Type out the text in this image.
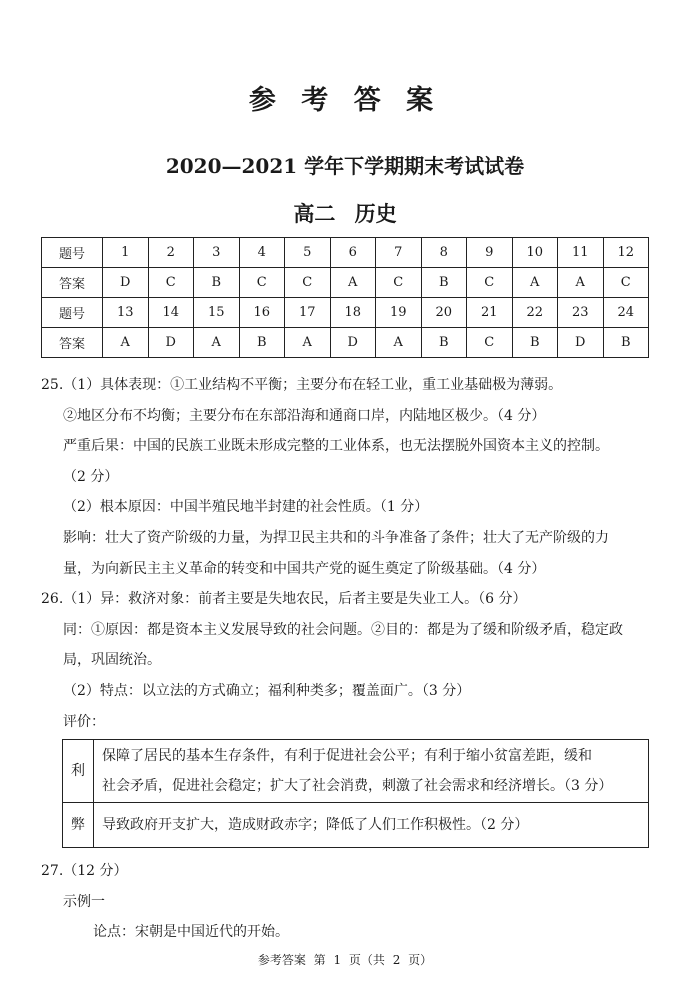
参 考 答 案
2020—2021 学年下学期期末考试试卷
高二 历史
题号	1	2	3	4	5	6	7	8	9	10	11	12
答案	D	C	B	C	C	A	C	B	C	A	A	C
题号	13	14	15	16	17	18	19	20	21	22	23	24
答案	A	D	A	B	A	D	A	B	C	B	D	B
25.（1）具体表现：①工业结构不平衡；主要分布在轻工业，重工业基础极为薄弱。
②地区分布不均衡；主要分布在东部沿海和通商口岸，内陆地区极少。（4 分）
严重后果：中国的民族工业既未形成完整的工业体系，也无法摆脱外国资本主义的控制。
（2 分）
（2）根本原因：中国半殖民地半封建的社会性质。（1 分）
影响：壮大了资产阶级的力量，为捍卫民主共和的斗争准备了条件；壮大了无产阶级的力
量，为向新民主主义革命的转变和中国共产党的诞生奠定了阶级基础。（4 分）
26.（1）异：救济对象：前者主要是失地农民，后者主要是失业工人。（6 分）
同：①原因：都是资本主义发展导致的社会问题。②目的：都是为了缓和阶级矛盾，稳定政
局，巩固统治。
（2）特点：以立法的方式确立；福利种类多；覆盖面广。（3 分）
评价：
利	保障了居民的基本生存条件，有利于促进社会公平；有利于缩小贫富差距，缓和
社会矛盾，促进社会稳定；扩大了社会消费，刺激了社会需求和经济增长。（3 分）

弊	导致政府开支扩大，造成财政赤字；降低了人们工作积极性。（2 分）
27.（12 分）
示例一
论点：宋朝是中国近代的开始。
参考答案 第 1 页（共 2 页）
